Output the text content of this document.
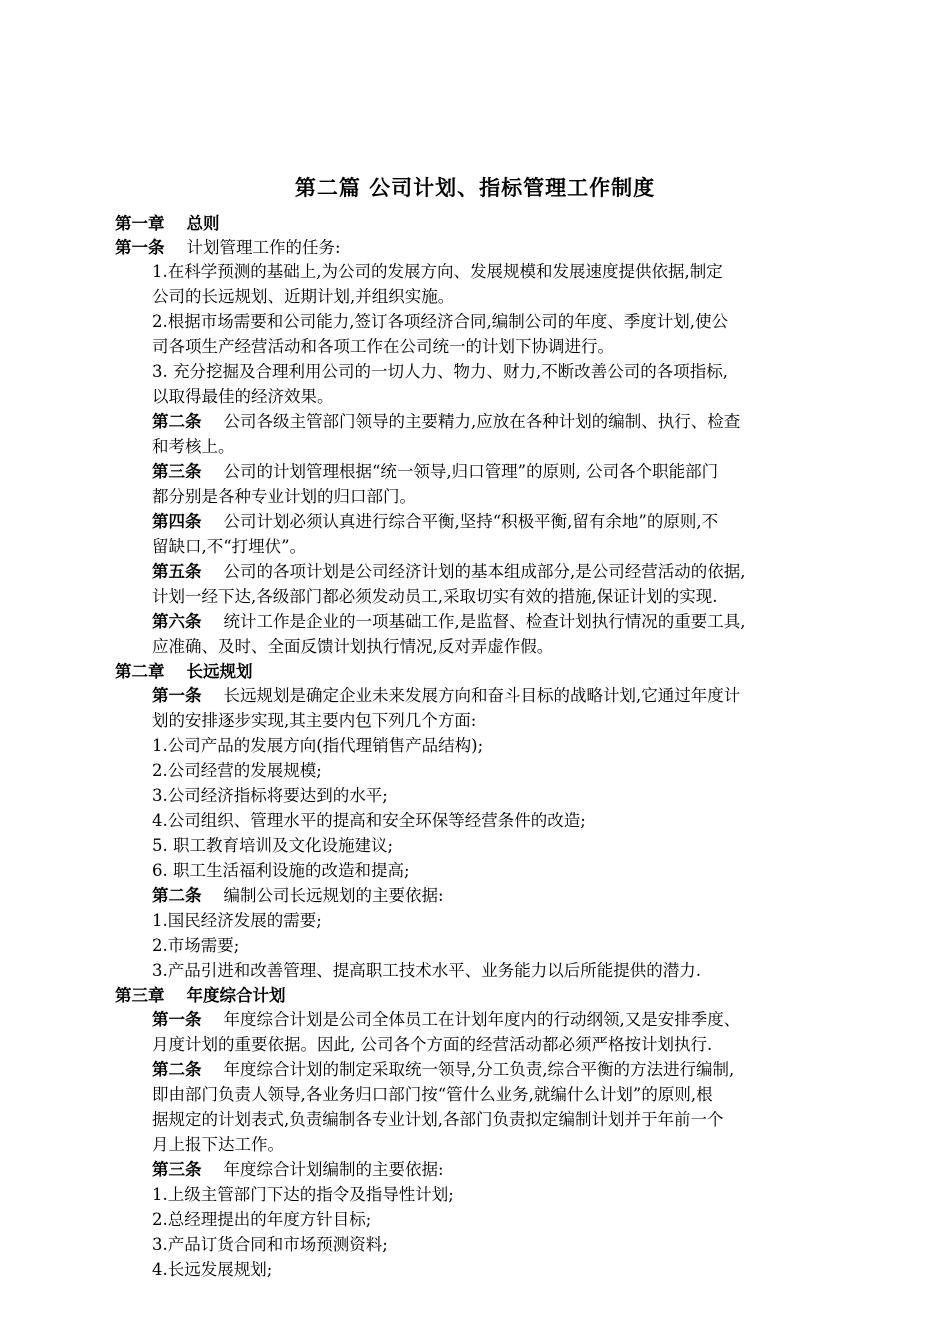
第二篇 公司计划、指标管理工作制度
第一章 总则
第一条 计划管理工作的任务:
1.在科学预测的基础上,为公司的发展方向、发展规模和发展速度提供依据,制定
公司的长远规划、近期计划,并组织实施。
2.根据市场需要和公司能力,签订各项经济合同,编制公司的年度、季度计划,使公
司各项生产经营活动和各项工作在公司统一的计划下协调进行。
3. 充分挖掘及合理利用公司的一切人力、物力、财力,不断改善公司的各项指标,
以取得最佳的经济效果。
第二条 公司各级主管部门领导的主要精力,应放在各种计划的编制、执行、检查
和考核上。
第三条 公司的计划管理根据“统一领导,归口管理”的原则, 公司各个职能部门
都分别是各种专业计划的归口部门。
第四条 公司计划必须认真进行综合平衡,坚持“积极平衡,留有余地”的原则,不
留缺口,不“打埋伏”。
第五条 公司的各项计划是公司经济计划的基本组成部分,是公司经营活动的依据,
计划一经下达,各级部门都必须发动员工,采取切实有效的措施,保证计划的实现.
第六条 统计工作是企业的一项基础工作,是监督、检查计划执行情况的重要工具,
应准确、及时、全面反馈计划执行情况,反对弄虚作假。
第二章 长远规划
第一条 长远规划是确定企业未来发展方向和奋斗目标的战略计划,它通过年度计
划的安排逐步实现,其主要内包下列几个方面:
1.公司产品的发展方向(指代理销售产品结构);
2.公司经营的发展规模;
3.公司经济指标将要达到的水平;
4.公司组织、管理水平的提高和安全环保等经营条件的改造;
5. 职工教育培训及文化设施建议;
6. 职工生活福利设施的改造和提高;
第二条 编制公司长远规划的主要依据:
1.国民经济发展的需要;
2.市场需要;
3.产品引进和改善管理、提高职工技术水平、业务能力以后所能提供的潜力.
第三章 年度综合计划
第一条 年度综合计划是公司全体员工在计划年度内的行动纲领,又是安排季度、
月度计划的重要依据。因此, 公司各个方面的经营活动都必须严格按计划执行.
第二条 年度综合计划的制定采取统一领导,分工负责,综合平衡的方法进行编制,
即由部门负责人领导,各业务归口部门按“管什么业务,就编什么计划”的原则,根
据规定的计划表式,负责编制各专业计划,各部门负责拟定编制计划并于年前一个
月上报下达工作。
第三条 年度综合计划编制的主要依据:
1.上级主管部门下达的指令及指导性计划;
2.总经理提出的年度方针目标;
3.产品订货合同和市场预测资料;
4.长远发展规划;
